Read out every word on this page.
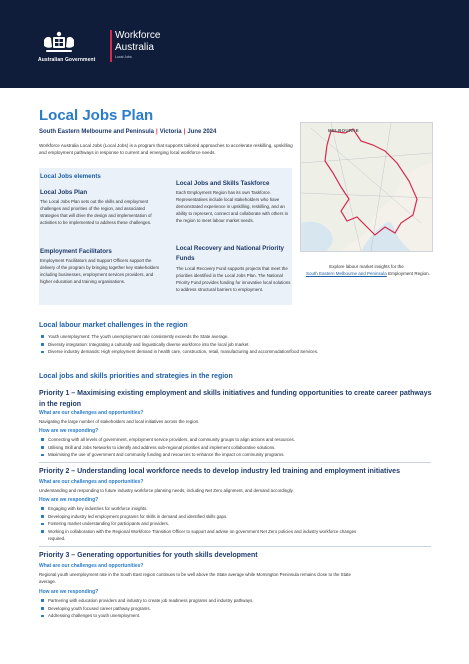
Australian Government
Workforce
Australia
Local Jobs
Local Jobs Plan
South Eastern Melbourne and Peninsula | Victoria | June 2024
Workforce Australia Local Jobs (Local Jobs) is a program that supports tailored approaches to accelerate reskilling, upskilling and employment pathways in response to current and emerging local workforce needs.
Local Jobs elements
Local Jobs Plan
The Local Jobs Plan sets out the skills and employment challenges and priorities of the region, and associated strategies that will drive the design and implementation of activities to be implemented to address these challenges.
Employment Facilitators
Employment Facilitators and Support Officers support the delivery of the program by bringing together key stakeholders including businesses, employment services providers, and higher education and training organisations.
Local Jobs and Skills Taskforce
Each Employment Region has its own Taskforce. Representatives include local stakeholders who have demonstrated experience in upskilling, reskilling, and an ability to represent, connect and collaborate with others in the region to meet labour market needs.
Local Recovery and National Priority Funds
The Local Recovery Fund supports projects that meet the priorities identified in the Local Jobs Plan. The National Priority Fund provides funding for innovative local solutions to address structural barriers to employment.
MELBOURNE
Explore labour market insights for the
South Eastern Melbourne and Peninsula Employment Region.
Local labour market challenges in the region
Youth unemployment: The youth unemployment rate consistently exceeds the State average.
Diversity integration: Integrating a culturally and linguistically diverse workforce into the local job market.
Diverse industry demands: High employment demand in health care, construction, retail, manufacturing and accommodation/food Services.
Local jobs and skills priorities and strategies in the region
Priority 1 – Maximising existing employment and skills initiatives and funding opportunities to create career pathways
in the region
What are our challenges and opportunities?
Navigating the large number of stakeholders and local initiatives across the region.
How are we responding?
Connecting with all levels of government, employment service providers, and community groups to align actions and resources.
Utilising Skill and Jobs Networks to identify and address sub-regional priorities and implement collaborative solutions.
Maximising the use of government and community funding and resources to enhance the impact on community programs.
Priority 2 – Understanding local workforce needs to develop industry led training and employment initiatives
What are our challenges and opportunities?
Understanding and responding to future industry workforce planning needs, including Net Zero alignment, and demand accordingly.
How are we responding?
Engaging with key industries for workforce insights.
Developing industry led employment programs for skills in demand and identified skills gaps.
Fostering market understanding for participants and providers.
Working in collaboration with the Regional Workforce Transition Officer to support and advise on government Net Zero policies and industry workforce changes
required.
Priority 3 – Generating opportunities for youth skills development
What are our challenges and opportunities?
Regional youth unemployment rate in the South East region continues to be well above the State average while Mornington Peninsula remains close to the State
average.
How are we responding?
Partnering with education providers and industry to create job readiness programs and industry pathways.
Developing youth focused career pathway programs.
Addressing challenges to youth unemployment.
